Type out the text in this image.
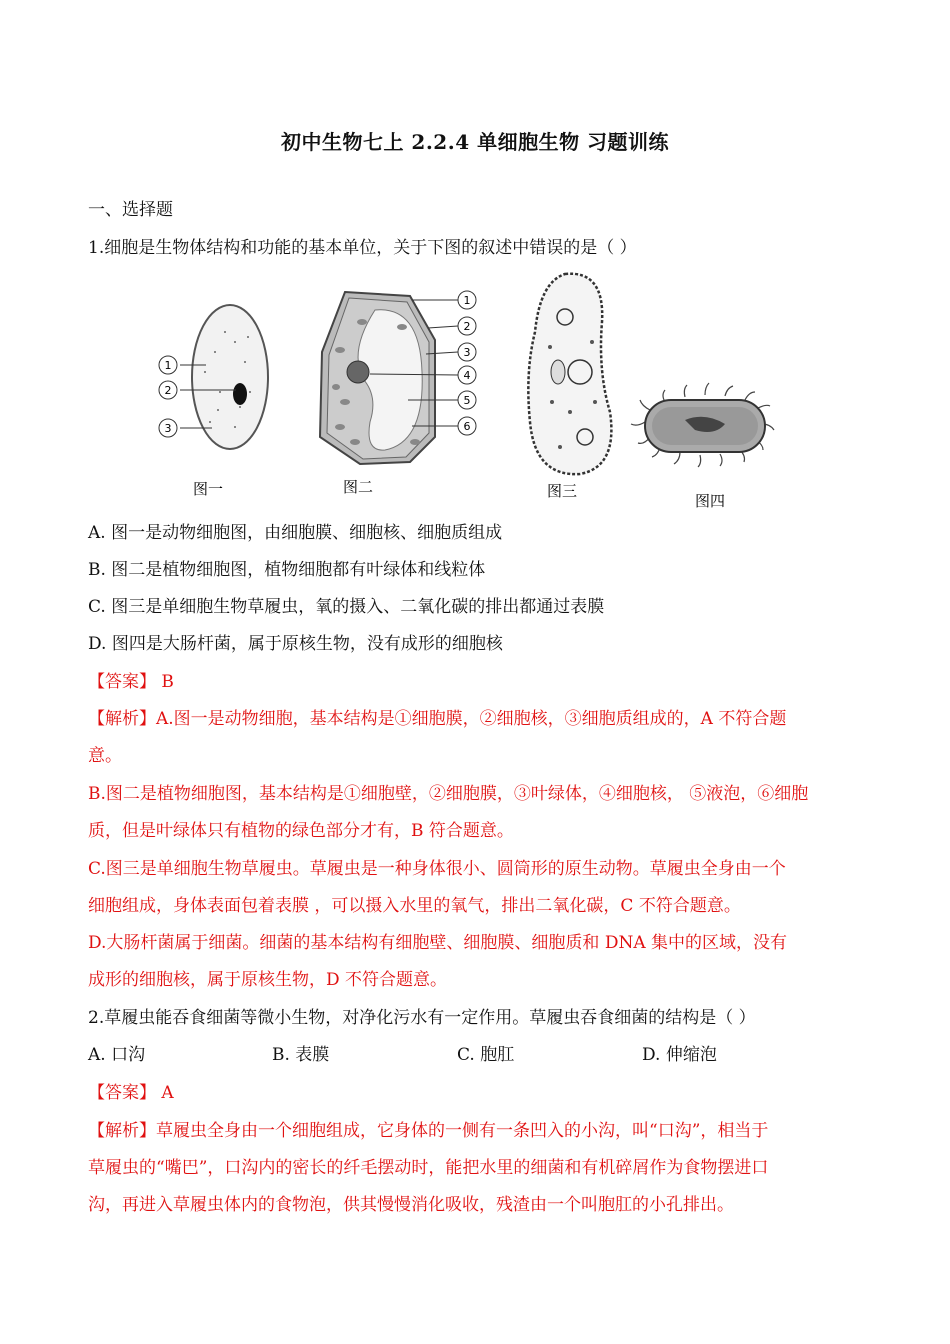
初中生物七上 2.2.4 单细胞生物 习题训练
一、选择题
1.细胞是生物体结构和功能的基本单位，关于下图的叙述中错误的是（ ）
1
2
3
图一
1
2
3
4
5
6
图二	图三
图四
A. 图一是动物细胞图，由细胞膜、细胞核、细胞质组成
B. 图二是植物细胞图，植物细胞都有叶绿体和线粒体
C. 图三是单细胞生物草履虫，氧的摄入、二氧化碳的排出都通过表膜
D. 图四是大肠杆菌，属于原核生物，没有成形的细胞核
【答案】 B
【解析】A.图一是动物细胞，基本结构是①细胞膜，②细胞核，③细胞质组成的，A 不符合题
意。
B.图二是植物细胞图，基本结构是①细胞壁，②细胞膜，③叶绿体，④细胞核， ⑤液泡，⑥细胞
质，但是叶绿体只有植物的绿色部分才有，B 符合题意。
C.图三是单细胞生物草履虫。草履虫是一种身体很小、圆筒形的原生动物。草履虫全身由一个
细胞组成，身体表面包着表膜 ，可以摄入水里的氧气，排出二氧化碳，C 不符合题意。
D.大肠杆菌属于细菌。细菌的基本结构有细胞壁、细胞膜、细胞质和 DNA 集中的区域，没有
成形的细胞核，属于原核生物，D 不符合题意。
2.草履虫能吞食细菌等微小生物，对净化污水有一定作用。草履虫吞食细菌的结构是（ ）
A. 口沟	B. 表膜	C. 胞肛	D. 伸缩泡
【答案】 A
【解析】草履虫全身由一个细胞组成，它身体的一侧有一条凹入的小沟，叫“口沟”，相当于
草履虫的“嘴巴”，口沟内的密长的纤毛摆动时，能把水里的细菌和有机碎屑作为食物摆进口
沟，再进入草履虫体内的食物泡，供其慢慢消化吸收，残渣由一个叫胞肛的小孔排出。
